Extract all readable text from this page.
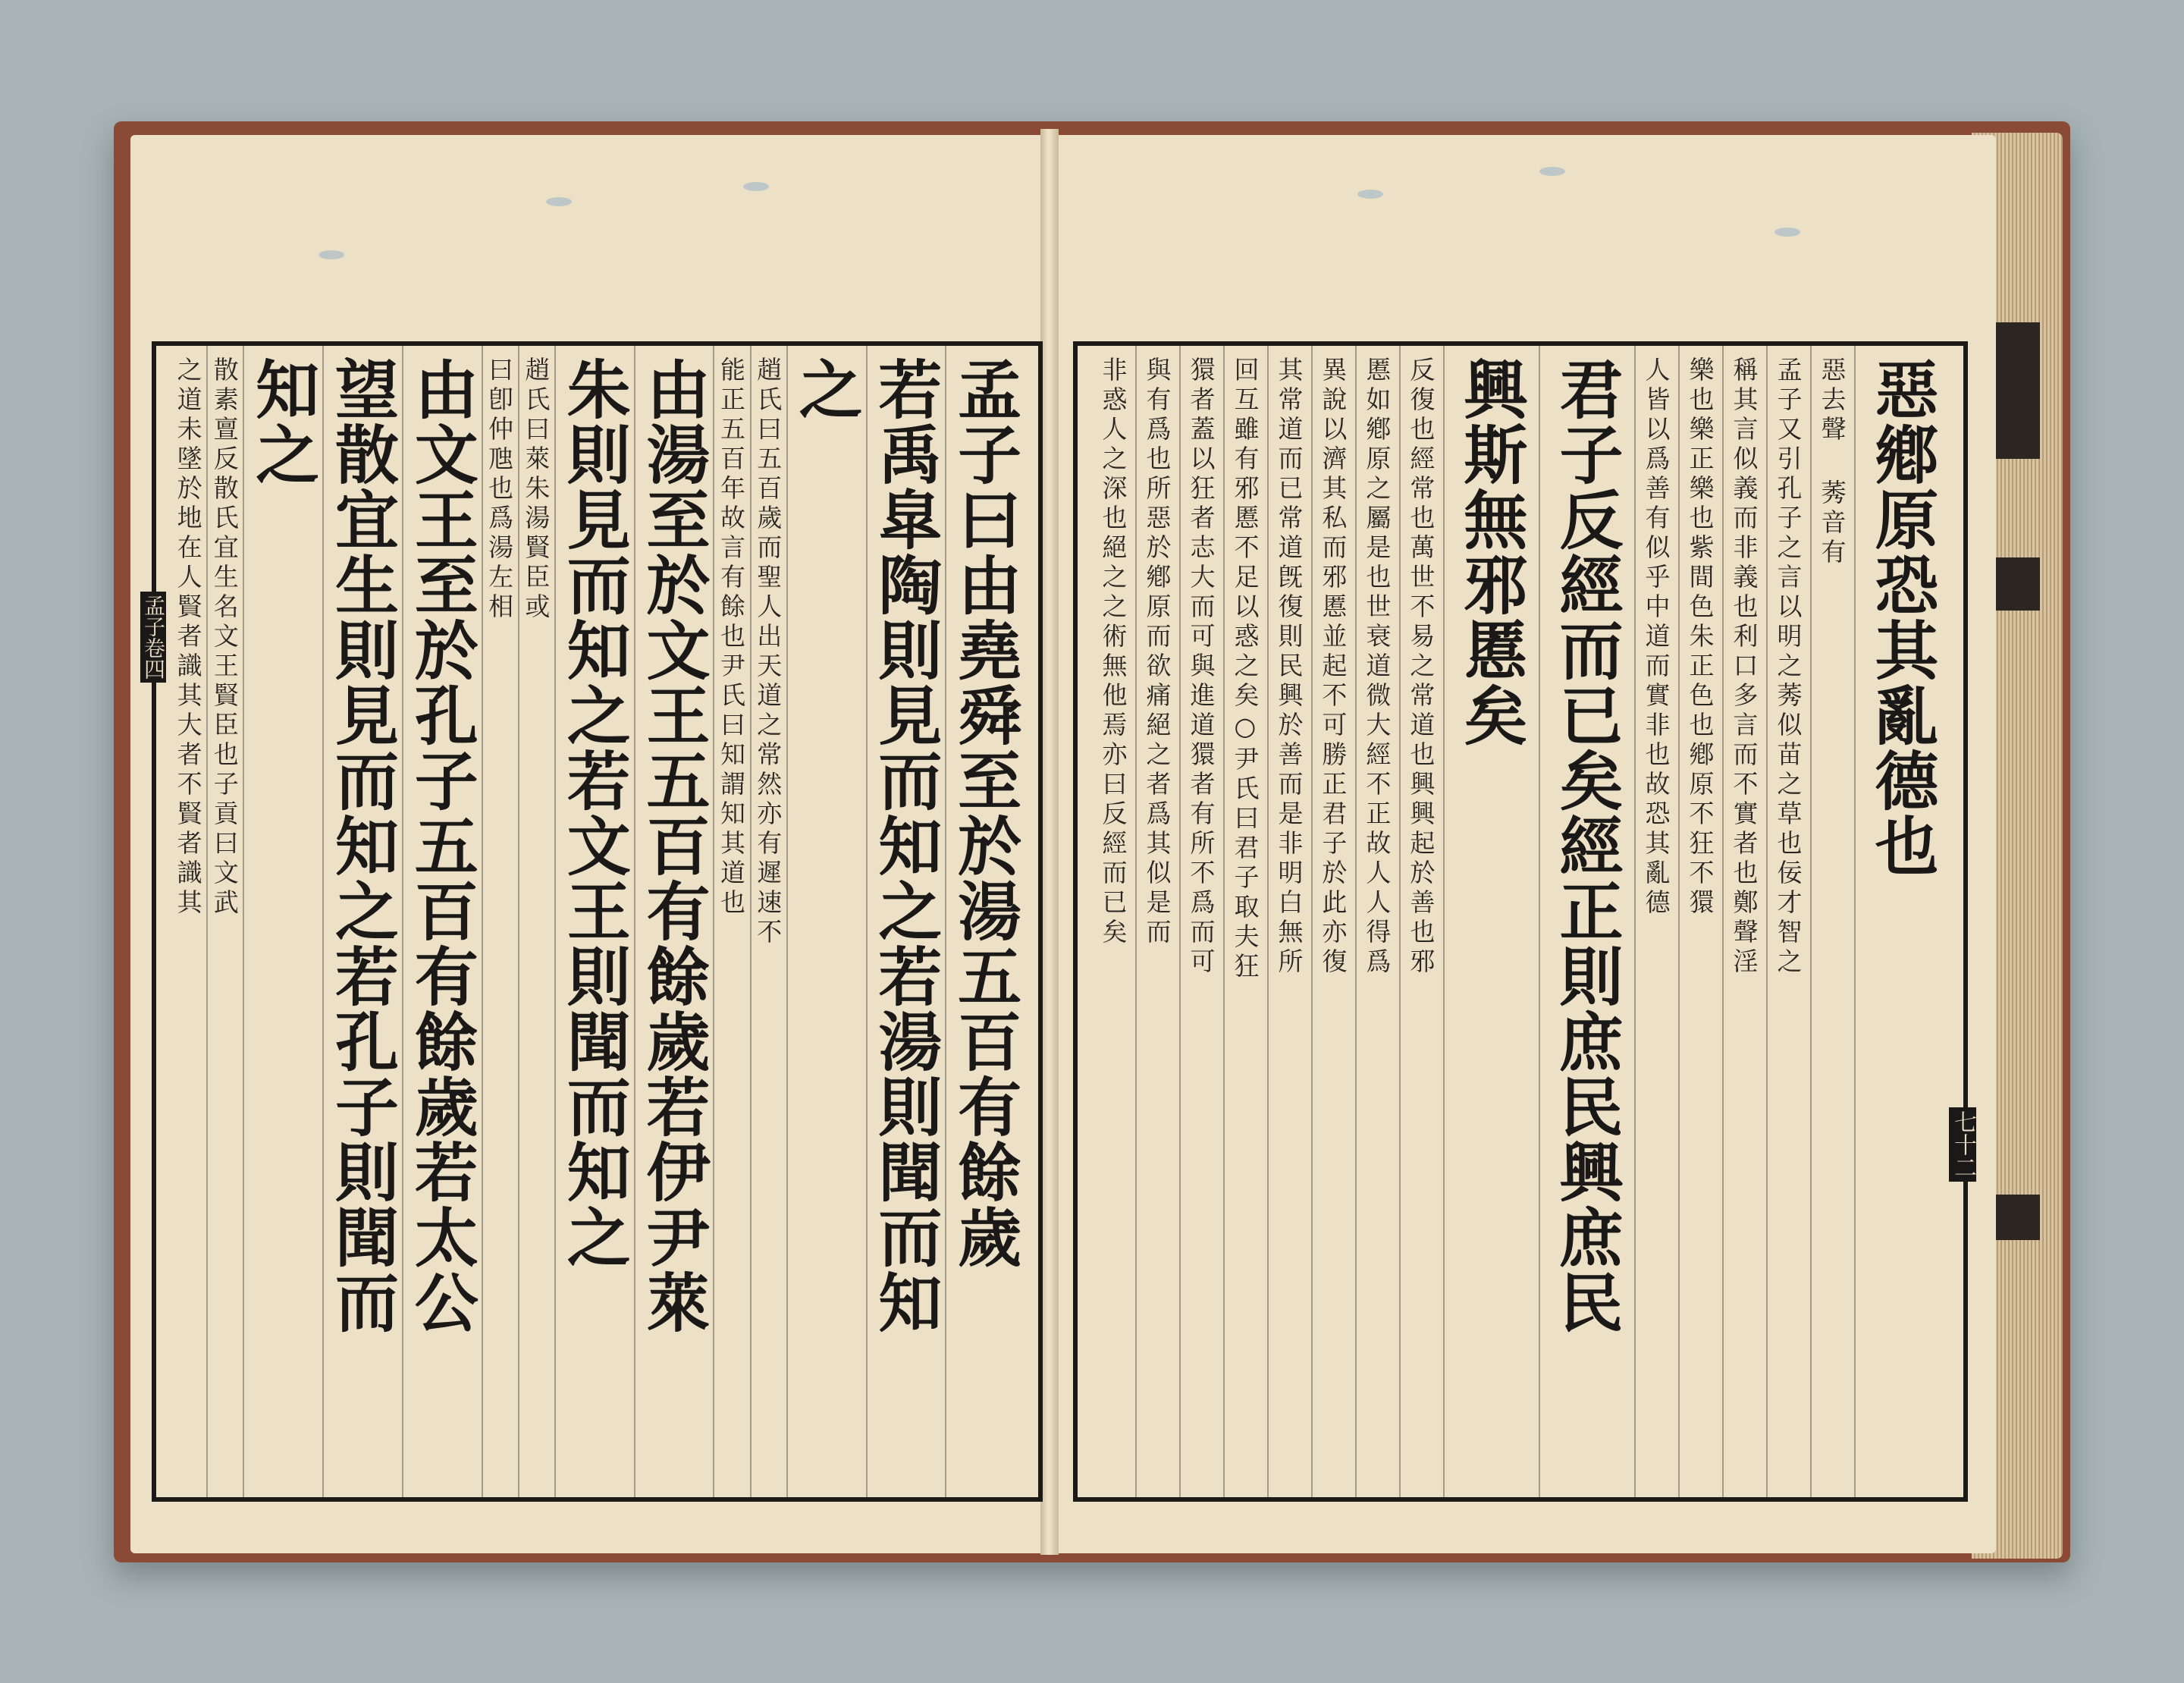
惡鄕原恐其亂德也
惡去聲 莠音有
孟子又引孔子之言以明之莠似苗之草也佞才智之
稱其言似義而非義也利口多言而不實者也鄭聲淫
樂也樂正樂也紫間色朱正色也鄕原不狂不獧
人皆以爲善有似乎中道而實非也故恐其亂德
君子反經而已矣經正則庶民興庶民
興斯無邪慝矣
反復也經常也萬世不易之常道也興興起於善也邪
慝如鄕原之屬是也世衰道微大經不正故人人得爲
異說以濟其私而邪慝並起不可勝正君子於此亦復
其常道而已常道旣復則民興於善而是非明白無所
回互雖有邪慝不足以惑之矣○尹氏曰君子取夫狂
獧者蓋以狂者志大而可與進道獧者有所不爲而可
與有爲也所惡於鄕原而欲痛絕之者爲其似是而
非惑人之深也絕之之術無他焉亦曰反經而已矣
七十二
孟子曰由堯舜至於湯五百有餘歲
若禹皐陶則見而知之若湯則聞而知
之
趙氏曰五百歲而聖人出天道之常然亦有遲速不
能正五百年故言有餘也尹氏曰知謂知其道也
由湯至於文王五百有餘歲若伊尹萊
朱則見而知之若文王則聞而知之
趙氏曰萊朱湯賢臣或
曰卽仲虺也爲湯左相
由文王至於孔子五百有餘歲若太公
望散宜生則見而知之若孔子則聞而
知之
散素亶反散氏宜生名文王賢臣也子貢曰文武
之道未墜於地在人賢者識其大者不賢者識其
孟子卷四
